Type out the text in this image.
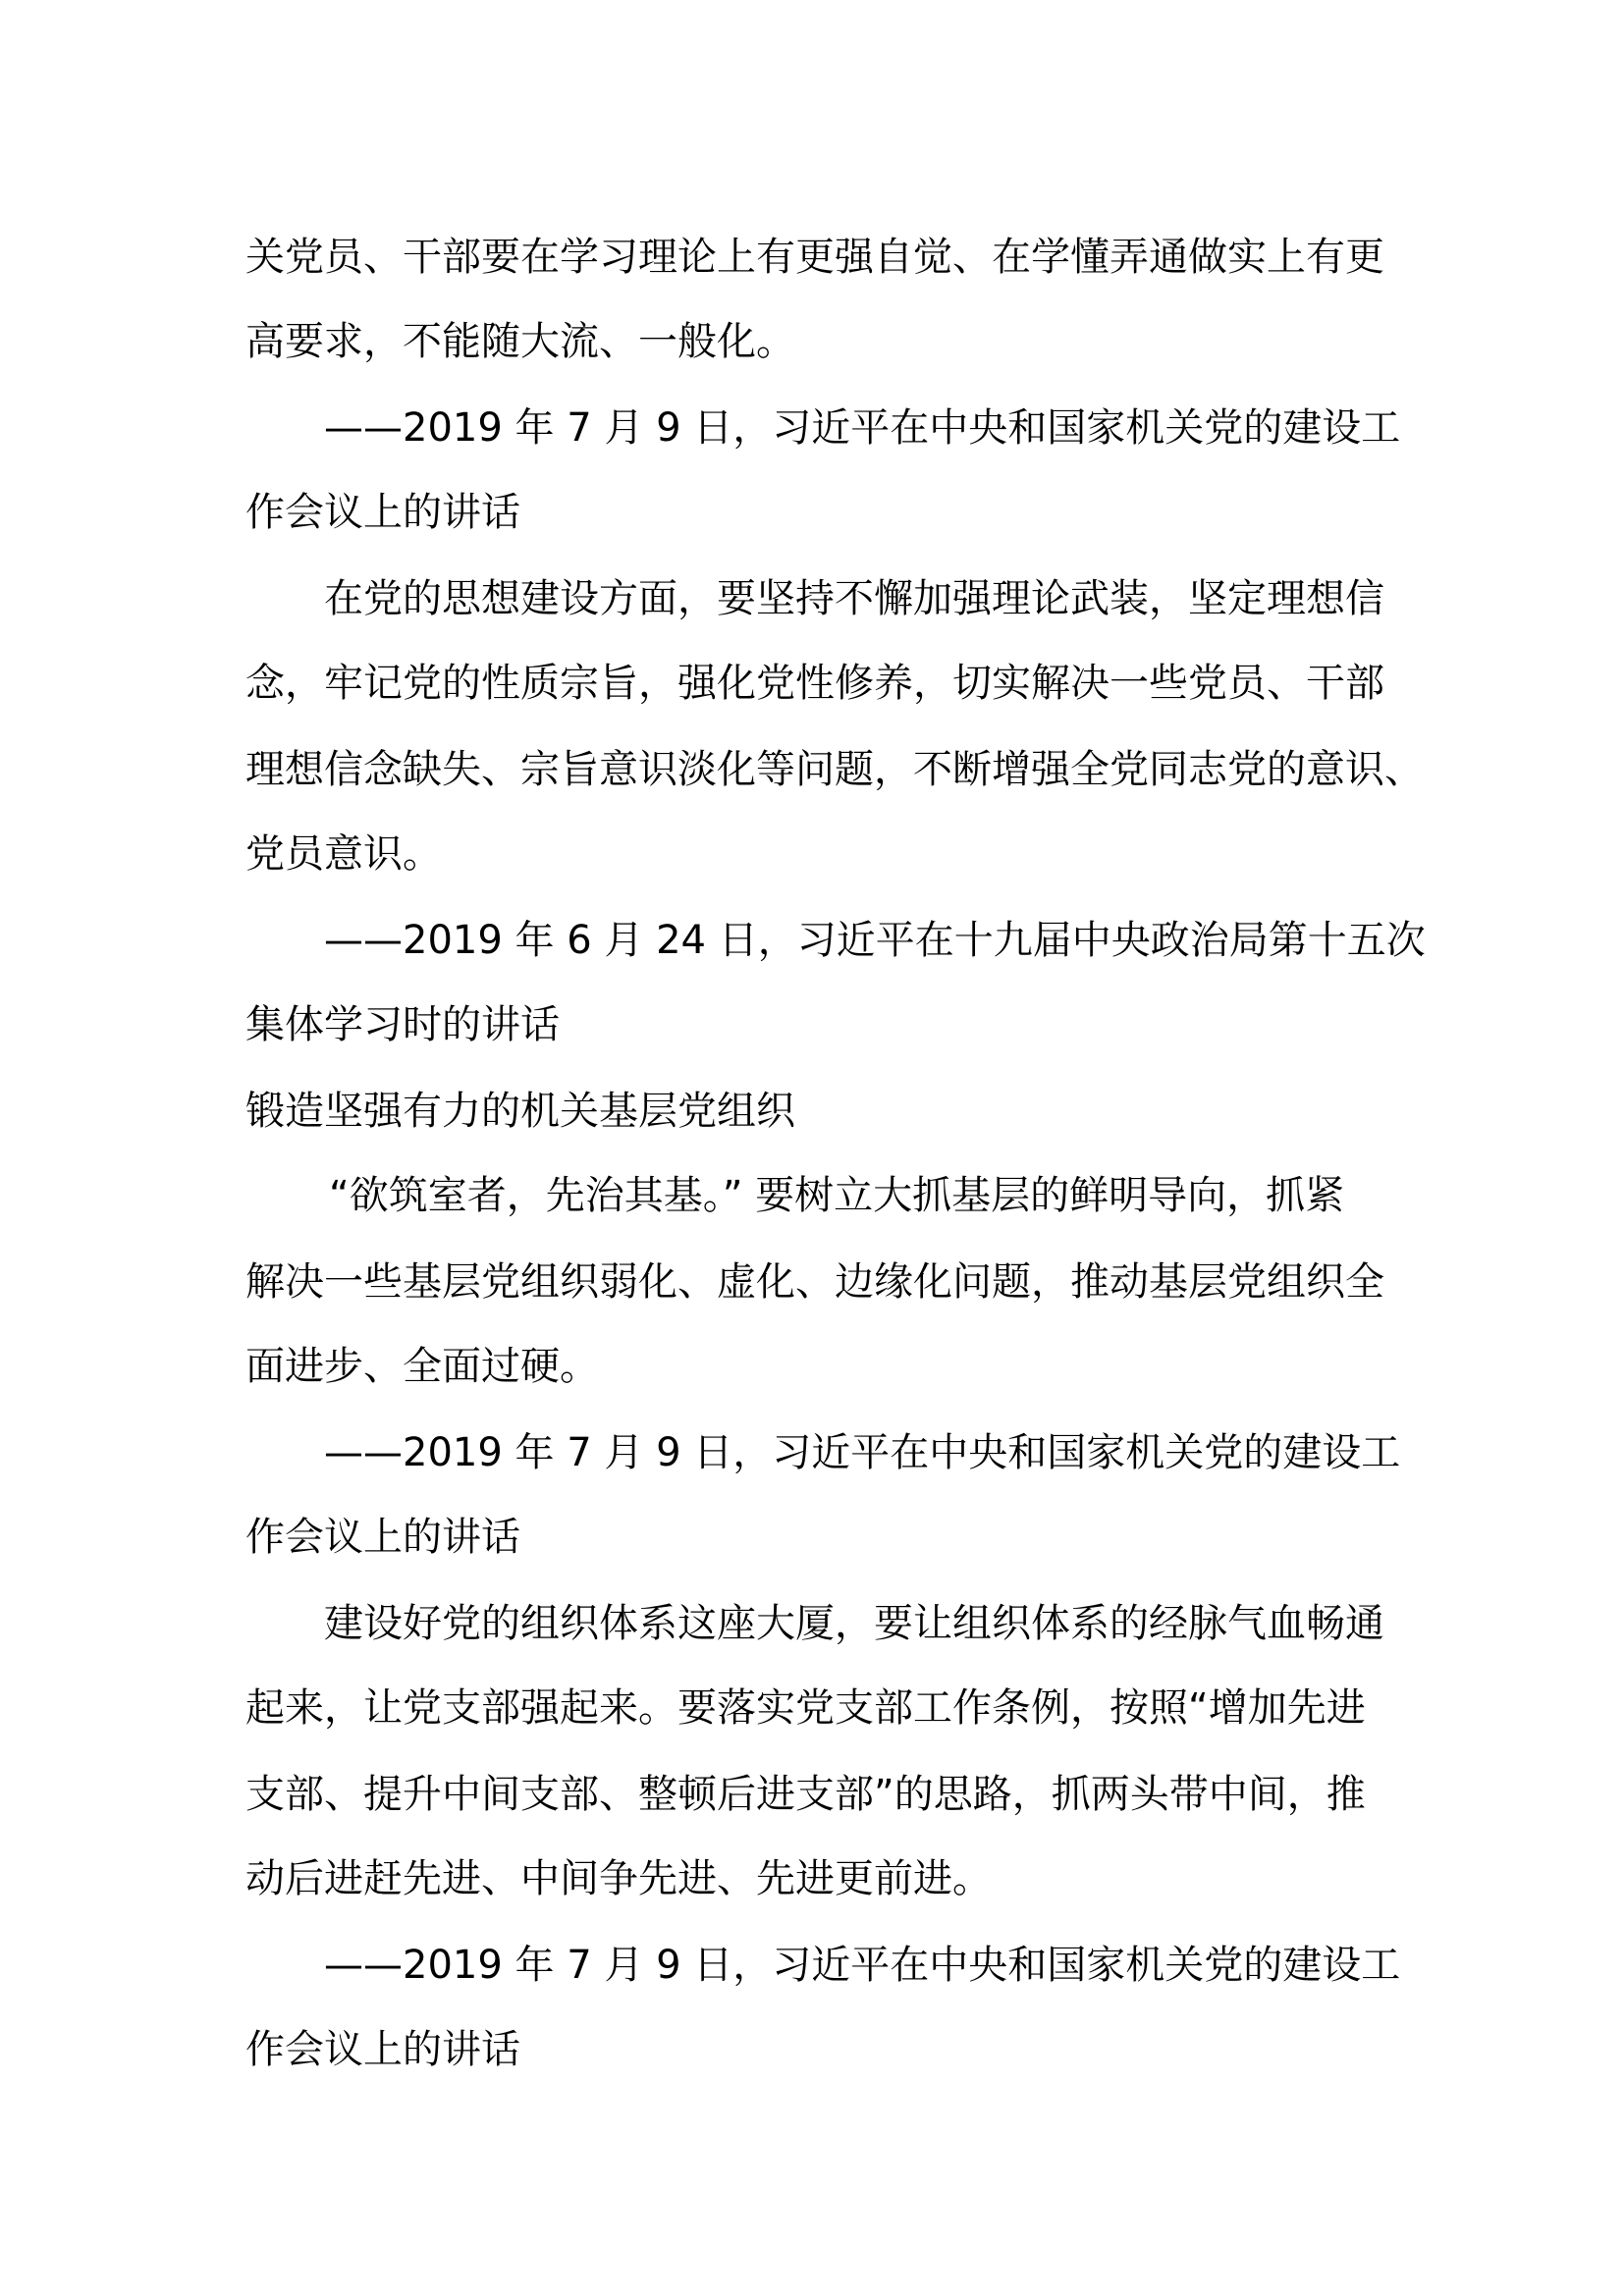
关党员、干部要在学习理论上有更强自觉、在学懂弄通做实上有更

高要求，不能随大流、一般化。

——2019 年 7 月 9 日，习近平在中央和国家机关党的建设工

作会议上的讲话

在党的思想建设方面，要坚持不懈加强理论武装，坚定理想信

念，牢记党的性质宗旨，强化党性修养，切实解决一些党员、干部

理想信念缺失、宗旨意识淡化等问题，不断增强全党同志党的意识、

党员意识。

——2019 年 6 月 24 日，习近平在十九届中央政治局第十五次

集体学习时的讲话

锻造坚强有力的机关基层党组织

“欲筑室者，先治其基。” 要树立大抓基层的鲜明导向，抓紧

解决一些基层党组织弱化、虚化、边缘化问题，推动基层党组织全

面进步、全面过硬。

——2019 年 7 月 9 日，习近平在中央和国家机关党的建设工

作会议上的讲话

建设好党的组织体系这座大厦，要让组织体系的经脉气血畅通

起来，让党支部强起来。要落实党支部工作条例，按照“增加先进

支部、提升中间支部、整顿后进支部”的思路，抓两头带中间，推

动后进赶先进、中间争先进、先进更前进。

——2019 年 7 月 9 日，习近平在中央和国家机关党的建设工

作会议上的讲话
